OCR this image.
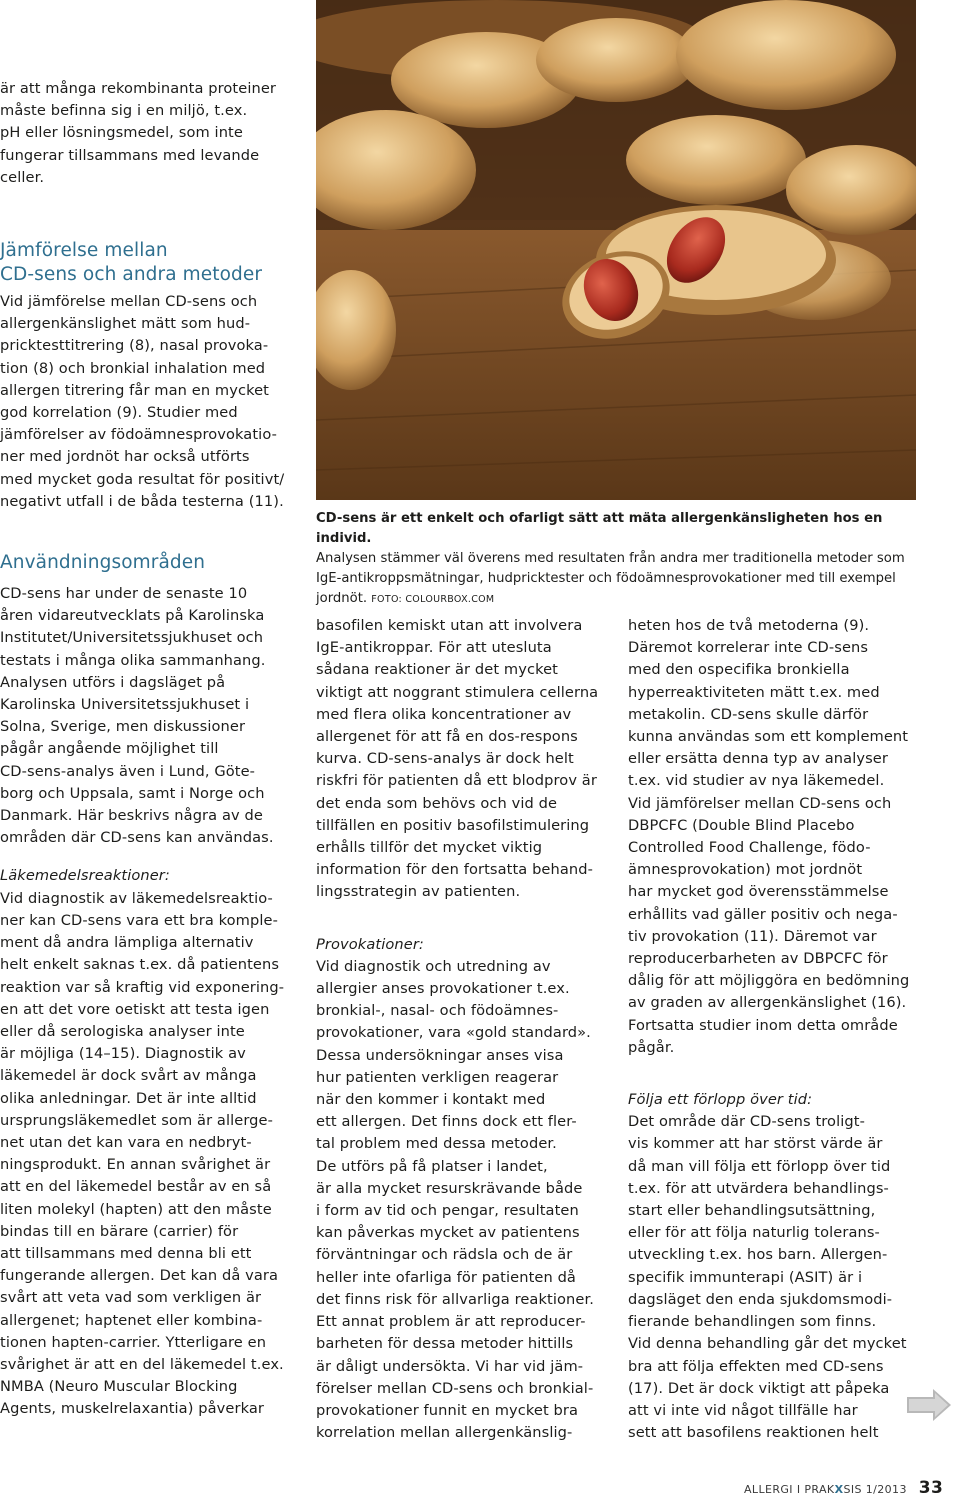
är att många rekombinanta proteiner
måste befinna sig i en miljö, t.ex.
pH eller lösningsmedel, som inte
fungerar tillsammans med levande
celler.

Jämförelse mellan
CD-sens och andra metoder

Vid jämförelse mellan CD-sens och
allergenkänslighet mätt som hud-
pricktesttitrering (8), nasal provoka-
tion (8) och bronkial inhalation med
allergen titrering får man en mycket
god korrelation (9). Studier med
jämförelser av födoämnesprovokatio-
ner med jordnöt har också utförts
med mycket goda resultat för positivt/
negativt utfall i de båda testerna (11).

Användningsområden

CD-sens har under de senaste 10
åren vidareutvecklats på Karolinska
Institutet/Universitetssjukhuset och
testats i många olika sammanhang.
Analysen utförs i dagsläget på
Karolinska Universitetssjukhuset i
Solna, Sverige, men diskussioner
pågår angående möjlighet till
CD-sens-analys även i Lund, Göte-
borg och Uppsala, samt i Norge och
Danmark. Här beskrivs några av de
områden där CD-sens kan användas.

Läkemedelsreaktioner:

Vid diagnostik av läkemedelsreaktio-
ner kan CD-sens vara ett bra komple-
ment då andra lämpliga alternativ
helt enkelt saknas t.ex. då patientens
reaktion var så kraftig vid exponering-
en att det vore oetiskt att testa igen
eller då serologiska analyser inte
är möjliga (14–15). Diagnostik av
läkemedel är dock svårt av många
olika anledningar. Det är inte alltid
ursprungsläkemedlet som är allerge-
net utan det kan vara en nedbryt-
ningsprodukt. En annan svårighet är
att en del läkemedel består av en så
liten molekyl (hapten) att den måste
bindas till en bärare (carrier) för
att tillsammans med denna bli ett
fungerande allergen. Det kan då vara
svårt att veta vad som verkligen är
allergenet; haptenet eller kombina-
tionen hapten-carrier. Ytterligare en
svårighet är att en del läkemedel t.ex.
NMBA (Neuro Muscular Blocking
Agents, muskelrelaxantia) påverkar

CD-sens är ett enkelt och ofarligt sätt att mäta allergenkänsligheten hos en individ.
Analysen stämmer väl överens med resultaten från andra mer traditionella metoder som IgE-antikroppsmätningar, hudpricktester och födoämnesprovokationer med till exempel jordnöt. FOTO: COLOURBOX.COM

basofilen kemiskt utan att involvera
IgE-antikroppar. För att utesluta
sådana reaktioner är det mycket
viktigt att noggrant stimulera cellerna
med flera olika koncentrationer av
allergenet för att få en dos-respons
kurva. CD-sens-analys är dock helt
riskfri för patienten då ett blodprov är
det enda som behövs och vid de
tillfällen en positiv basofilstimulering
erhålls tillför det mycket viktig
information för den fortsatta behand-
lingsstrategin av patienten.

Provokationer:

Vid diagnostik och utredning av
allergier anses provokationer t.ex.
bronkial-, nasal- och födoämnes-
provokationer, vara «gold standard».
Dessa undersökningar anses visa
hur patienten verkligen reagerar
när den kommer i kontakt med
ett allergen. Det finns dock ett fler-
tal problem med dessa metoder.
De utförs på få platser i landet,
är alla mycket resurskrävande både
i form av tid och pengar, resultaten
kan påverkas mycket av patientens
förväntningar och rädsla och de är
heller inte ofarliga för patienten då
det finns risk för allvarliga reaktioner.
Ett annat problem är att reproducer-
barheten för dessa metoder hittills
är dåligt undersökta. Vi har vid jäm-
förelser mellan CD-sens och bronkial-
provokationer funnit en mycket bra
korrelation mellan allergenkänslig-

heten hos de två metoderna (9).
Däremot korrelerar inte CD-sens
med den ospecifika bronkiella
hyperreaktiviteten mätt t.ex. med
metakolin. CD-sens skulle därför
kunna användas som ett komplement
eller ersätta denna typ av analyser
t.ex. vid studier av nya läkemedel.
Vid jämförelser mellan CD-sens och
DBPCFC (Double Blind Placebo
Controlled Food Challenge, födo-
ämnesprovokation) mot jordnöt
har mycket god överensstämmelse
erhållits vad gäller positiv och nega-
tiv provokation (11). Däremot var
reproducerbarheten av DBPCFC för
dålig för att möjliggöra en bedömning
av graden av allergenkänslighet (16).
Fortsatta studier inom detta område
pågår.

Följa ett förlopp över tid:

Det område där CD-sens troligt-
vis kommer att har störst värde är
då man vill följa ett förlopp över tid
t.ex. för att utvärdera behandlings-
start eller behandlingsutsättning,
eller för att följa naturlig tolerans-
utveckling t.ex. hos barn. Allergen-
specifik immunterapi (ASIT) är i
dagsläget den enda sjukdomsmodi-
fierande behandlingen som finns.
Vid denna behandling går det mycket
bra att följa effekten med CD-sens
(17). Det är dock viktigt att påpeka
att vi inte vid något tillfälle har
sett att basofilens reaktionen helt

ALLERGI I PRAKXSIS 1/2013 33
